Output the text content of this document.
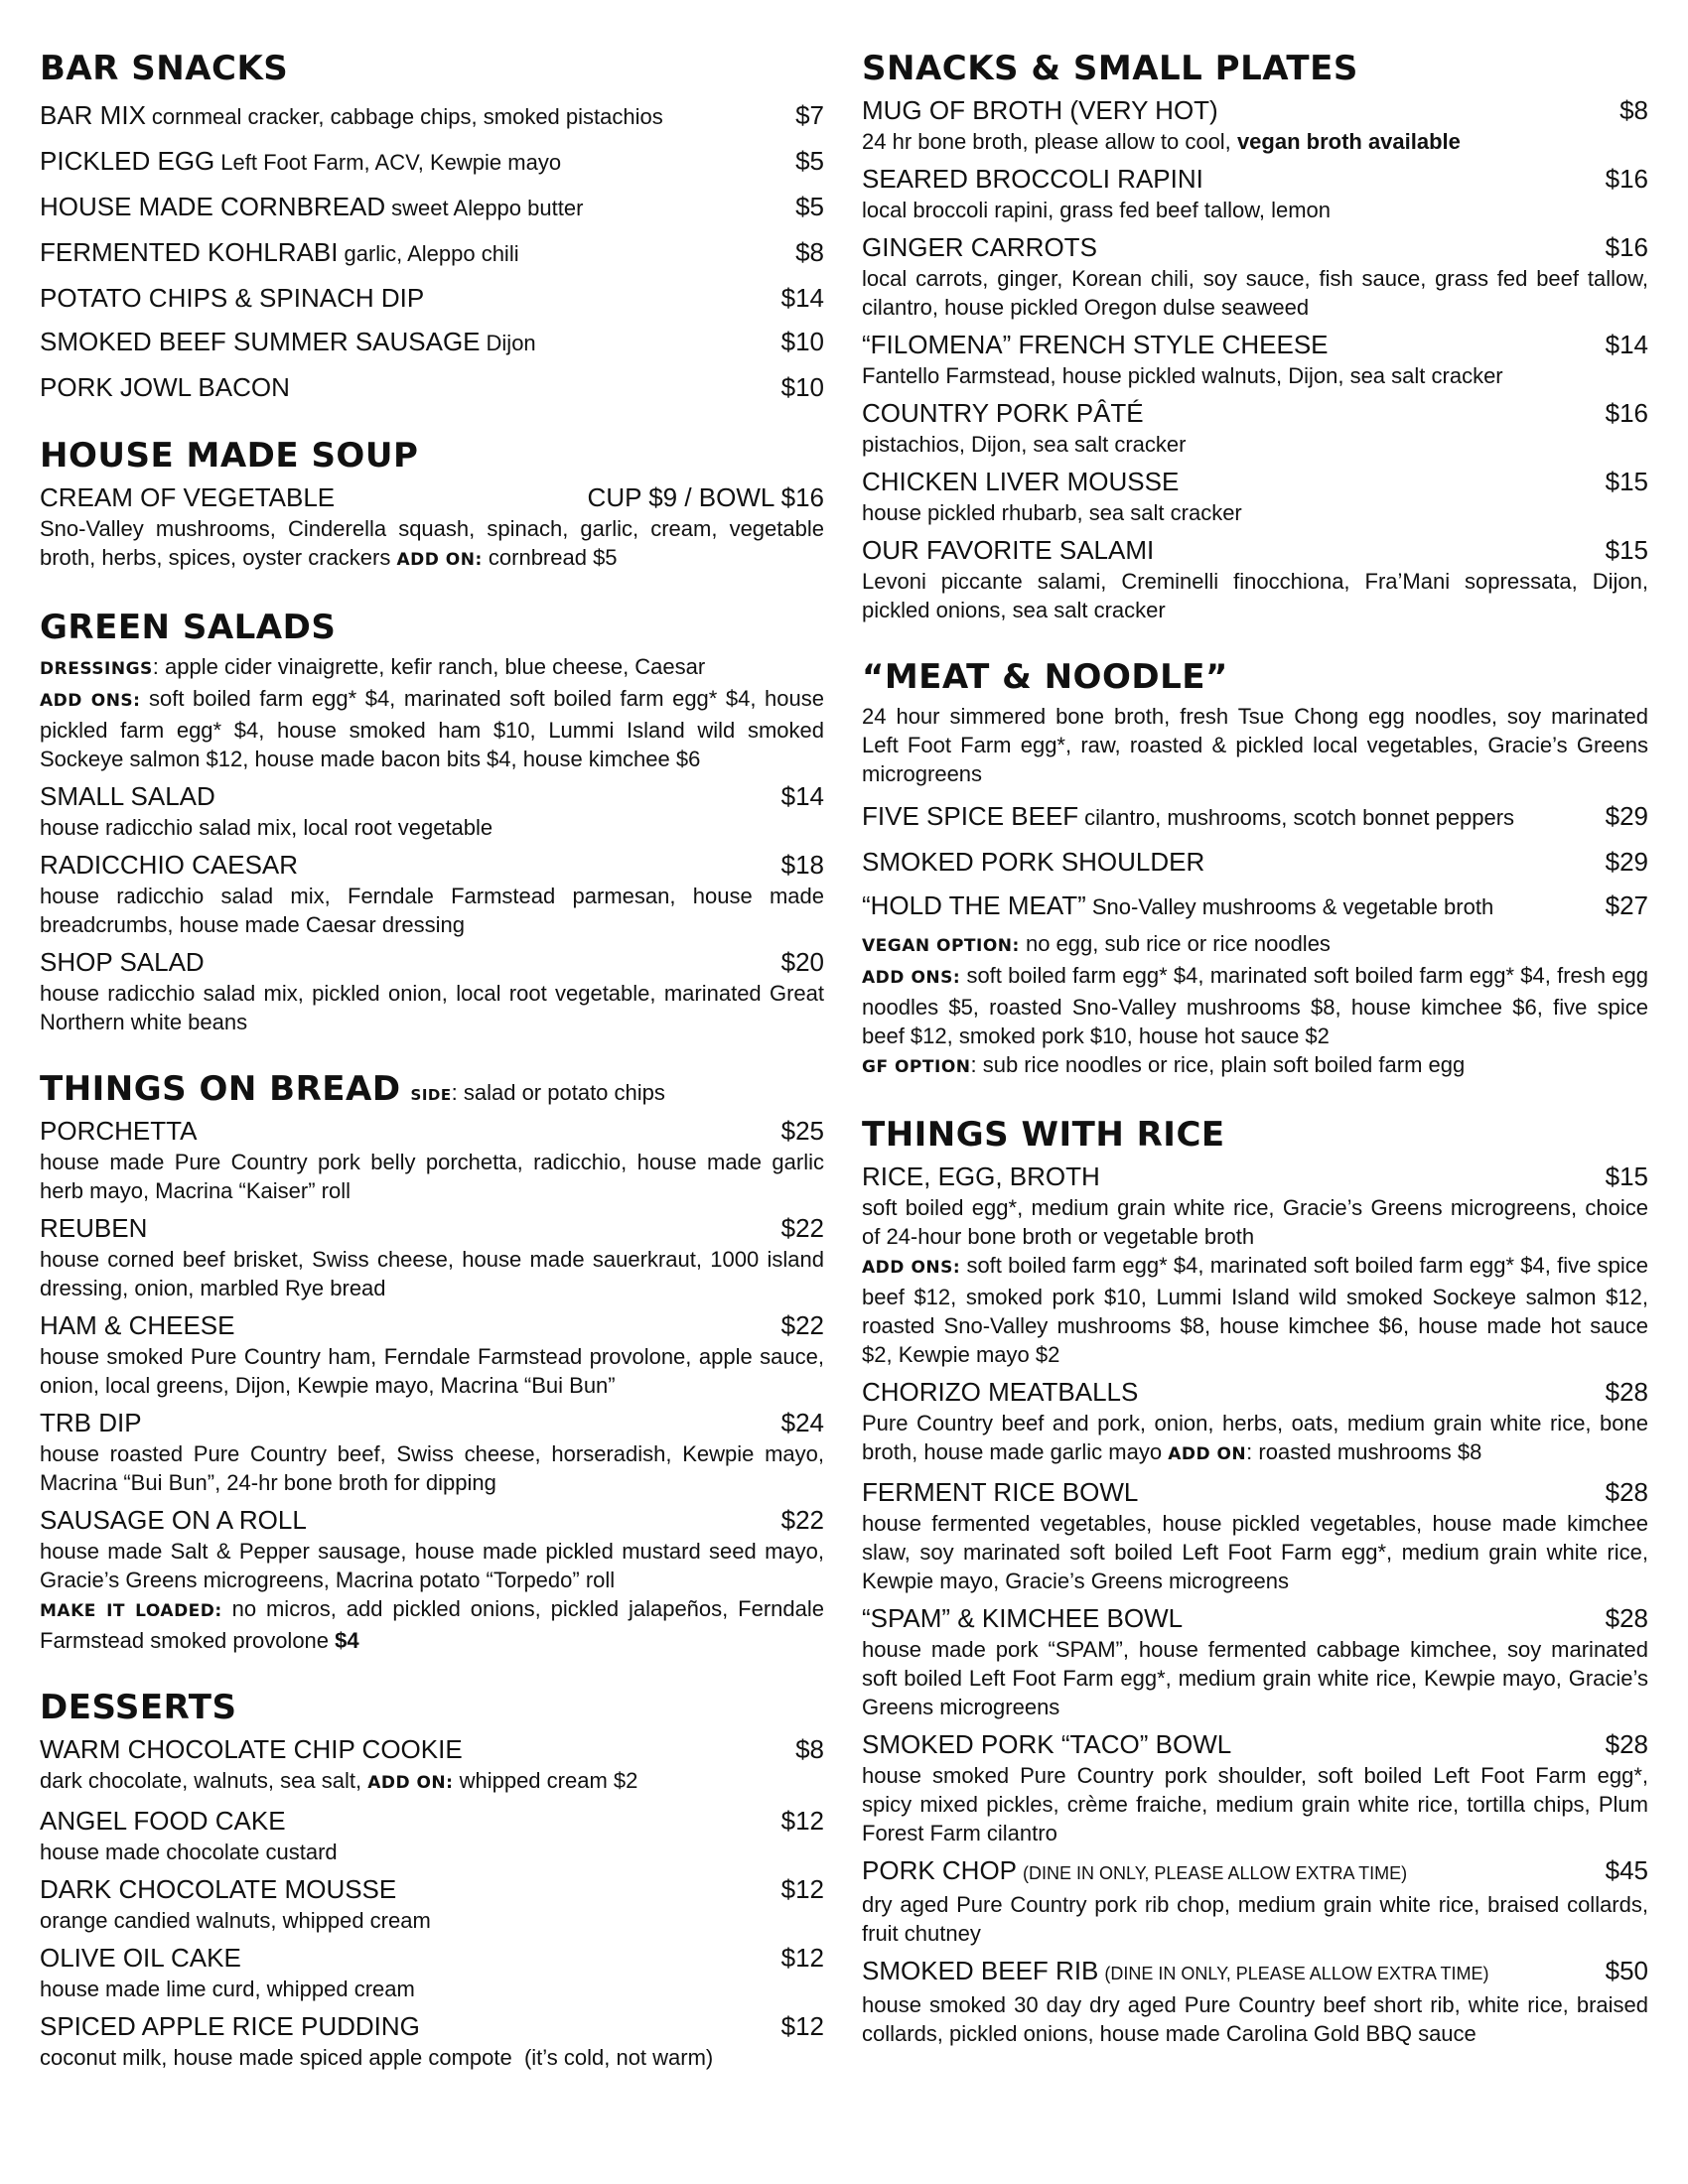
BAR SNACKS
BAR MIX cornmeal cracker, cabbage chips, smoked pistachios	$7
PICKLED EGG Left Foot Farm, ACV, Kewpie mayo	$5
HOUSE MADE CORNBREAD sweet Aleppo butter	$5
FERMENTED KOHLRABI garlic, Aleppo chili	$8
POTATO CHIPS & SPINACH DIP	$14
SMOKED BEEF SUMMER SAUSAGE Dijon	$10
PORK JOWL BACON	$10
HOUSE MADE SOUP
CREAM OF VEGETABLE	CUP $9 / BOWL $16

Sno-Valley mushrooms, Cinderella squash, spinach, garlic, cream, vegetable broth, herbs, spices, oyster crackers ADD ON: cornbread $5

GREEN SALADS

DRESSINGS: apple cider vinaigrette, kefir ranch, blue cheese, Caesar

ADD ONS: soft boiled farm egg* $4, marinated soft boiled farm egg* $4, house pickled farm egg* $4, house smoked ham $10, Lummi Island wild smoked Sockeye salmon $12, house made bacon bits $4, house kimchee $6

SMALL SALAD	$14

house radicchio salad mix, local root vegetable

RADICCHIO CAESAR	$18

house radicchio salad mix, Ferndale Farmstead parmesan, house made breadcrumbs, house made Caesar dressing

SHOP SALAD	$20

house radicchio salad mix, pickled onion, local root vegetable, marinated Great Northern white beans

THINGS ON BREAD SIDE: salad or potato chips
PORCHETTA	$25

house made Pure Country pork belly porchetta, radicchio, house made garlic herb mayo, Macrina “Kaiser” roll

REUBEN	$22

house corned beef brisket, Swiss cheese, house made sauerkraut, 1000 island dressing, onion, marbled Rye bread

HAM & CHEESE	$22

house smoked Pure Country ham, Ferndale Farmstead provolone, apple sauce, onion, local greens, Dijon, Kewpie mayo, Macrina “Bui Bun”

TRB DIP	$24

house roasted Pure Country beef, Swiss cheese, horseradish, Kewpie mayo, Macrina “Bui Bun”, 24-hr bone broth for dipping

SAUSAGE ON A ROLL	$22

house made Salt & Pepper sausage, house made pickled mustard seed mayo, Gracie’s Greens microgreens, Macrina potato “Torpedo” roll

MAKE IT LOADED: no micros, add pickled onions, pickled jalapeños, Ferndale Farmstead smoked provolone $4

DESSERTS
WARM CHOCOLATE CHIP COOKIE	$8

dark chocolate, walnuts, sea salt, ADD ON: whipped cream $2

ANGEL FOOD CAKE	$12

house made chocolate custard

DARK CHOCOLATE MOUSSE	$12

orange candied walnuts, whipped cream

OLIVE OIL CAKE	$12

house made lime curd, whipped cream

SPICED APPLE RICE PUDDING	$12

coconut milk, house made spiced apple compote  (it’s cold, not warm)

SNACKS & SMALL PLATES
MUG OF BROTH (VERY HOT)	$8

24 hr bone broth, please allow to cool, vegan broth available

SEARED BROCCOLI RAPINI	$16

local broccoli rapini, grass fed beef tallow, lemon

GINGER CARROTS	$16

local carrots, ginger, Korean chili, soy sauce, fish sauce, grass fed beef tallow, cilantro, house pickled Oregon dulse seaweed

“FILOMENA” FRENCH STYLE CHEESE	$14

Fantello Farmstead, house pickled walnuts, Dijon, sea salt cracker

COUNTRY PORK PÂTÉ	$16

pistachios, Dijon, sea salt cracker

CHICKEN LIVER MOUSSE	$15

house pickled rhubarb, sea salt cracker

OUR FAVORITE SALAMI	$15

Levoni piccante salami, Creminelli finocchiona, Fra’Mani sopressata, Dijon, pickled onions, sea salt cracker

“MEAT & NOODLE”

24 hour simmered bone broth, fresh Tsue Chong egg noodles, soy marinated Left Foot Farm egg*, raw, roasted & pickled local vegetables, Gracie’s Greens microgreens

FIVE SPICE BEEF cilantro, mushrooms, scotch bonnet peppers	$29
SMOKED PORK SHOULDER	$29
“HOLD THE MEAT” Sno-Valley mushrooms & vegetable broth	$27

VEGAN OPTION: no egg, sub rice or rice noodles

ADD ONS: soft boiled farm egg* $4, marinated soft boiled farm egg* $4, fresh egg noodles $5, roasted Sno-Valley mushrooms $8, house kimchee $6, five spice beef $12, smoked pork $10, house hot sauce $2

GF OPTION: sub rice noodles or rice, plain soft boiled farm egg

THINGS WITH RICE
RICE, EGG, BROTH	$15

soft boiled egg*, medium grain white rice, Gracie’s Greens microgreens, choice of 24-hour bone broth or vegetable broth

ADD ONS: soft boiled farm egg* $4, marinated soft boiled farm egg* $4, five spice beef $12, smoked pork $10, Lummi Island wild smoked Sockeye salmon $12, roasted Sno-Valley mushrooms $8, house kimchee $6, house made hot sauce $2, Kewpie mayo $2

CHORIZO MEATBALLS	$28

Pure Country beef and pork, onion, herbs, oats, medium grain white rice, bone broth, house made garlic mayo ADD ON: roasted mushrooms $8

FERMENT RICE BOWL	$28

house fermented vegetables, house pickled vegetables, house made kimchee slaw, soy marinated soft boiled Left Foot Farm egg*, medium grain white rice, Kewpie mayo, Gracie’s Greens microgreens

“SPAM” & KIMCHEE BOWL	$28

house made pork “SPAM”, house fermented cabbage kimchee, soy marinated soft boiled Left Foot Farm egg*, medium grain white rice, Kewpie mayo, Gracie’s Greens microgreens

SMOKED PORK “TACO” BOWL	$28

house smoked Pure Country pork shoulder, soft boiled Left Foot Farm egg*, spicy mixed pickles, crème fraiche, medium grain white rice, tortilla chips, Plum Forest Farm cilantro

PORK CHOP (DINE IN ONLY, PLEASE ALLOW EXTRA TIME)	$45

dry aged Pure Country pork rib chop, medium grain white rice, braised collards, fruit chutney

SMOKED BEEF RIB (DINE IN ONLY, PLEASE ALLOW EXTRA TIME)	$50

house smoked 30 day dry aged Pure Country beef short rib, white rice, braised collards, pickled onions, house made Carolina Gold BBQ sauce
